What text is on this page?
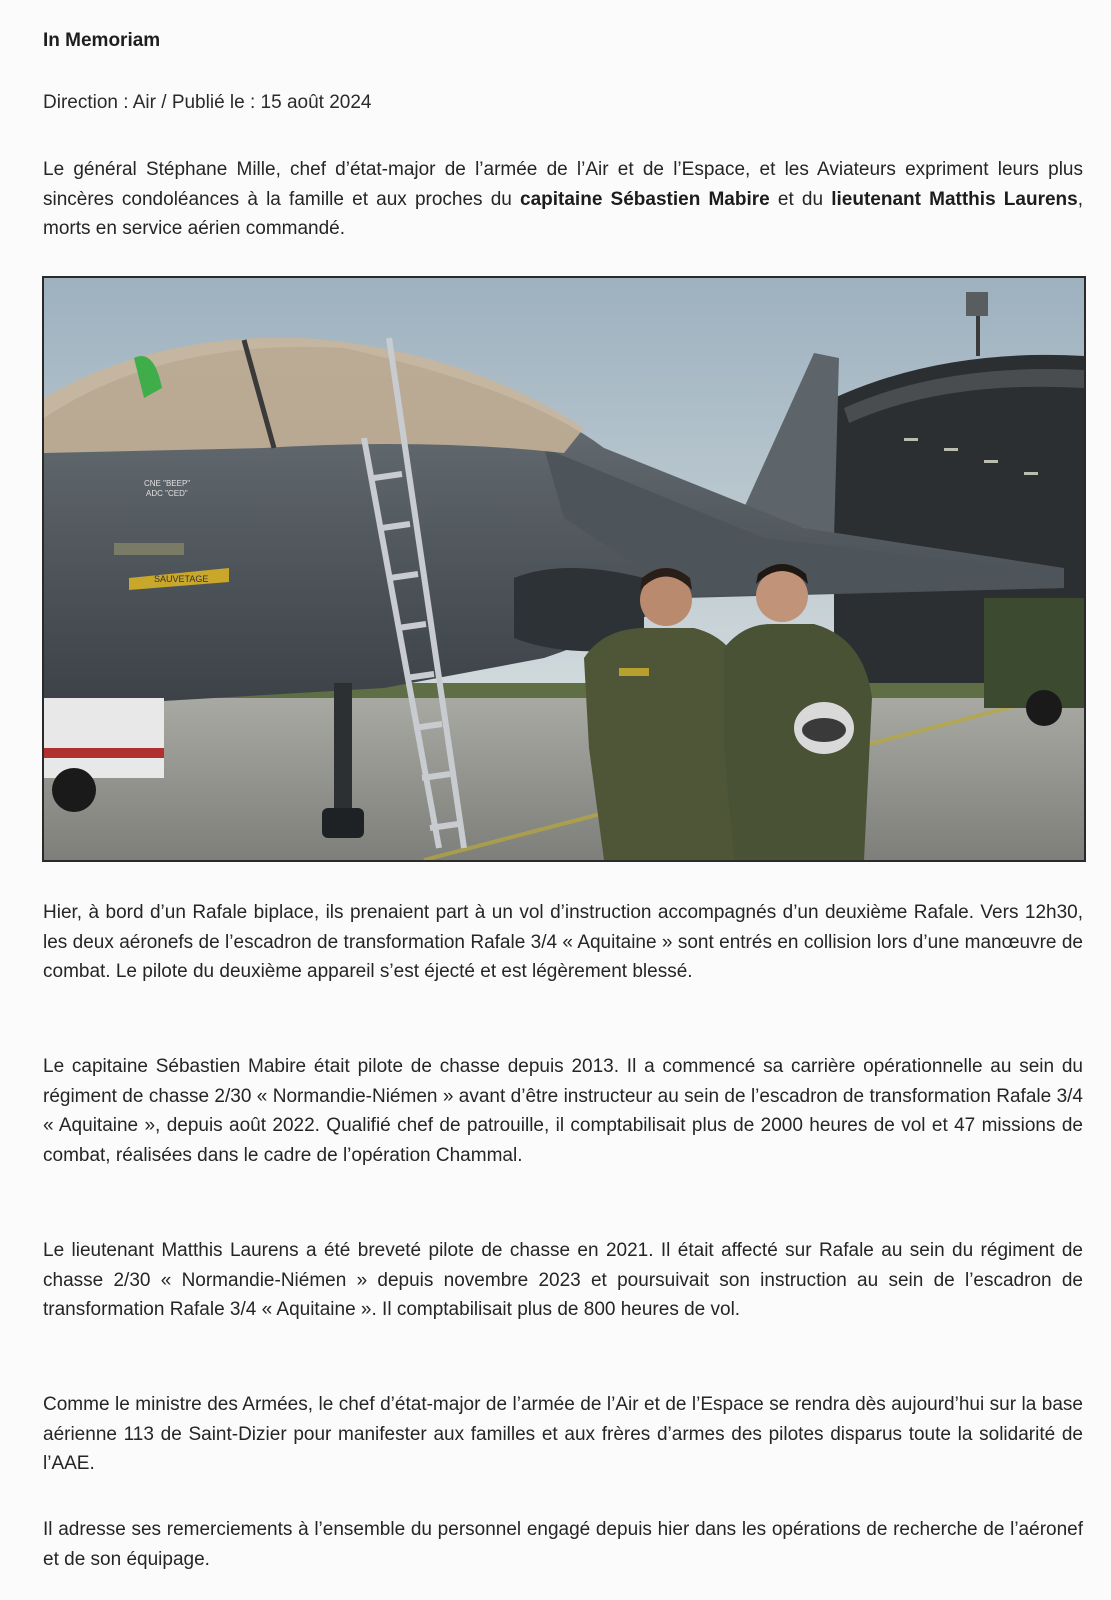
In Memoriam
Direction : Air / Publié le : 15 août 2024

Le général Stéphane Mille, chef d’état-major de l’armée de l’Air et de l’Espace, et les Aviateurs expriment leurs plus sincères condoléances à la famille et aux proches du capitaine Sébastien Mabire et du lieutenant Matthis Laurens, morts en service aérien commandé.

CNE "BEEP"
ADC "CED"
SAUVETAGE

Hier, à bord d’un Rafale biplace, ils prenaient part à un vol d’instruction accompagnés d’un deuxième Rafale. Vers 12h30, les deux aéronefs de l’escadron de transformation Rafale 3/4 « Aquitaine » sont entrés en collision lors d’une manœuvre de combat. Le pilote du deuxième appareil s’est éjecté et est légèrement blessé.

Le capitaine Sébastien Mabire était pilote de chasse depuis 2013. Il a commencé sa carrière opérationnelle au sein du régiment de chasse 2/30 « Normandie-Niémen » avant d’être instructeur au sein de l’escadron de transformation Rafale 3/4 « Aquitaine », depuis août 2022. Qualifié chef de patrouille, il comptabilisait plus de 2000 heures de vol et 47 missions de combat, réalisées dans le cadre de l’opération Chammal.

Le lieutenant Matthis Laurens a été breveté pilote de chasse en 2021. Il était affecté sur Rafale au sein du régiment de chasse 2/30 « Normandie-Niémen » depuis novembre 2023 et poursuivait son instruction au sein de l’escadron de transformation Rafale 3/4 « Aquitaine ». Il comptabilisait plus de 800 heures de vol.

Comme le ministre des Armées, le chef d’état-major de l’armée de l’Air et de l’Espace se rendra dès aujourd’hui sur la base aérienne 113 de Saint-Dizier pour manifester aux familles et aux frères d’armes des pilotes disparus toute la solidarité de l’AAE.

Il adresse ses remerciements à l’ensemble du personnel engagé depuis hier dans les opérations de recherche de l’aéronef et de son équipage.
